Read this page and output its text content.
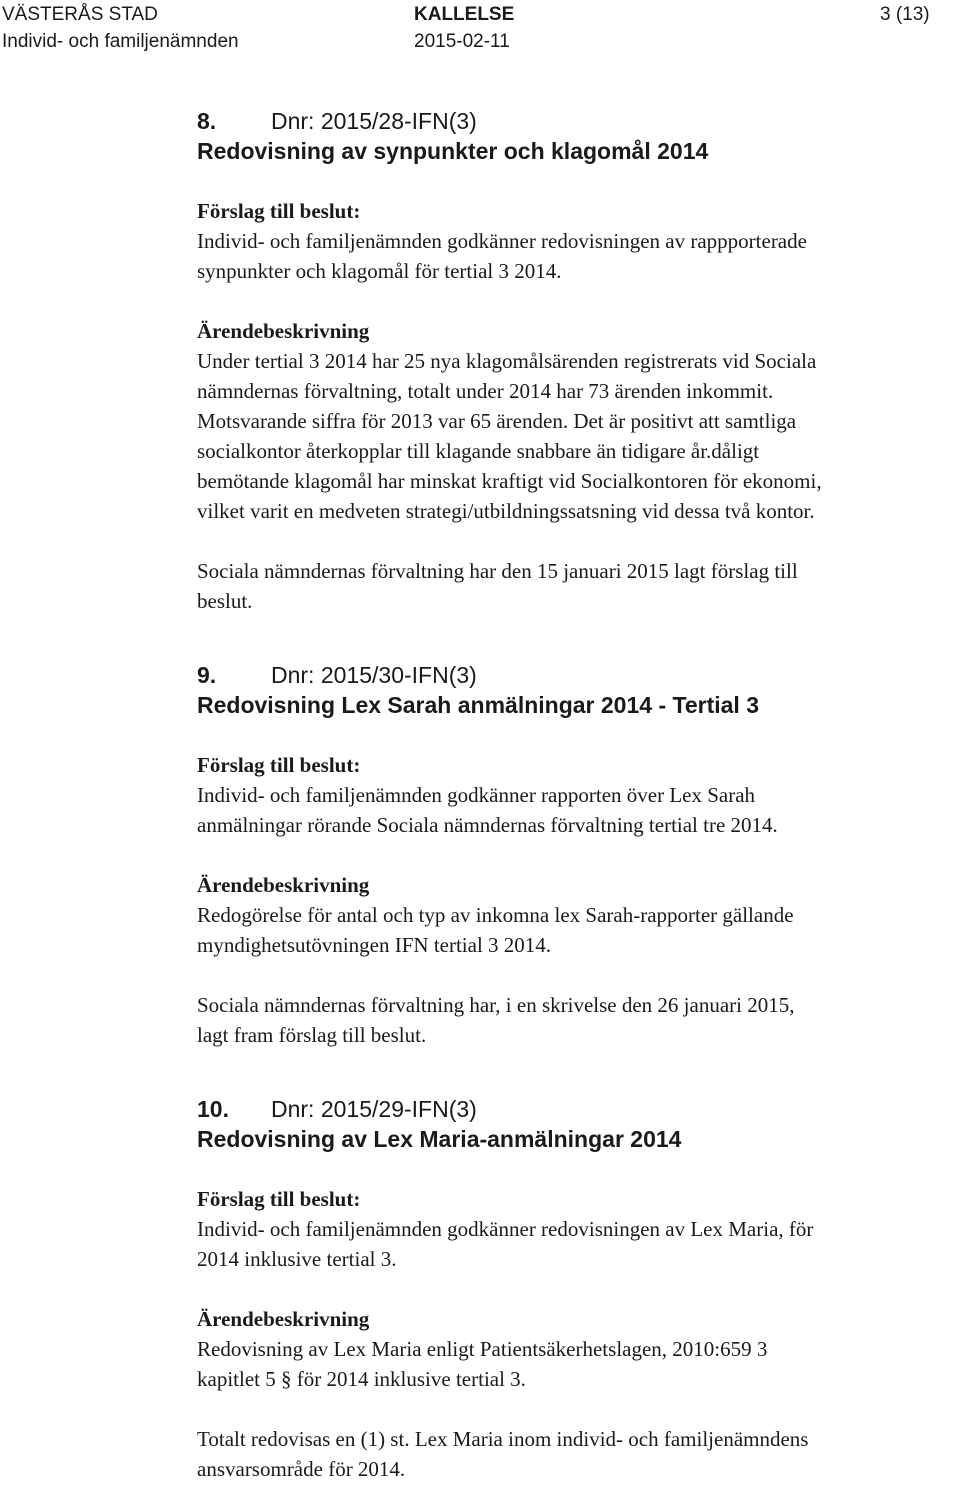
VÄSTERÅS STAD
Individ- och familjenämnden
KALLELSE
2015-02-11
3 (13)
8. Dnr: 2015/28-IFN(3)
Redovisning av synpunkter och klagomål 2014
Förslag till beslut:

Individ- och familjenämnden godkänner redovisningen av rappporterade
synpunkter och klagomål för tertial 3 2014.

Ärendebeskrivning

Under tertial 3 2014 har 25 nya klagomålsärenden registrerats vid Sociala
nämndernas förvaltning, totalt under 2014 har 73 ärenden inkommit.
Motsvarande siffra för 2013 var 65 ärenden. Det är positivt att samtliga
socialkontor återkopplar till klagande snabbare än tidigare år.dåligt
bemötande klagomål har minskat kraftigt vid Socialkontoren för ekonomi,
vilket varit en medveten strategi/utbildningssatsning vid dessa två kontor.

Sociala nämndernas förvaltning har den 15 januari 2015 lagt förslag till
beslut.

9. Dnr: 2015/30-IFN(3)
Redovisning Lex Sarah anmälningar 2014 - Tertial 3
Förslag till beslut:

Individ- och familjenämnden godkänner rapporten över Lex Sarah
anmälningar rörande Sociala nämndernas förvaltning tertial tre 2014.

Ärendebeskrivning

Redogörelse för antal och typ av inkomna lex Sarah-rapporter gällande
myndighetsutövningen IFN tertial 3 2014.

Sociala nämndernas förvaltning har, i en skrivelse den 26 januari 2015,
lagt fram förslag till beslut.

10. Dnr: 2015/29-IFN(3)
Redovisning av Lex Maria-anmälningar 2014
Förslag till beslut:

Individ- och familjenämnden godkänner redovisningen av Lex Maria, för
2014 inklusive tertial 3.

Ärendebeskrivning

Redovisning av Lex Maria enligt Patientsäkerhetslagen, 2010:659 3
kapitlet 5 § för 2014 inklusive tertial 3.

Totalt redovisas en (1) st. Lex Maria inom individ- och familjenämndens
ansvarsområde för 2014.
